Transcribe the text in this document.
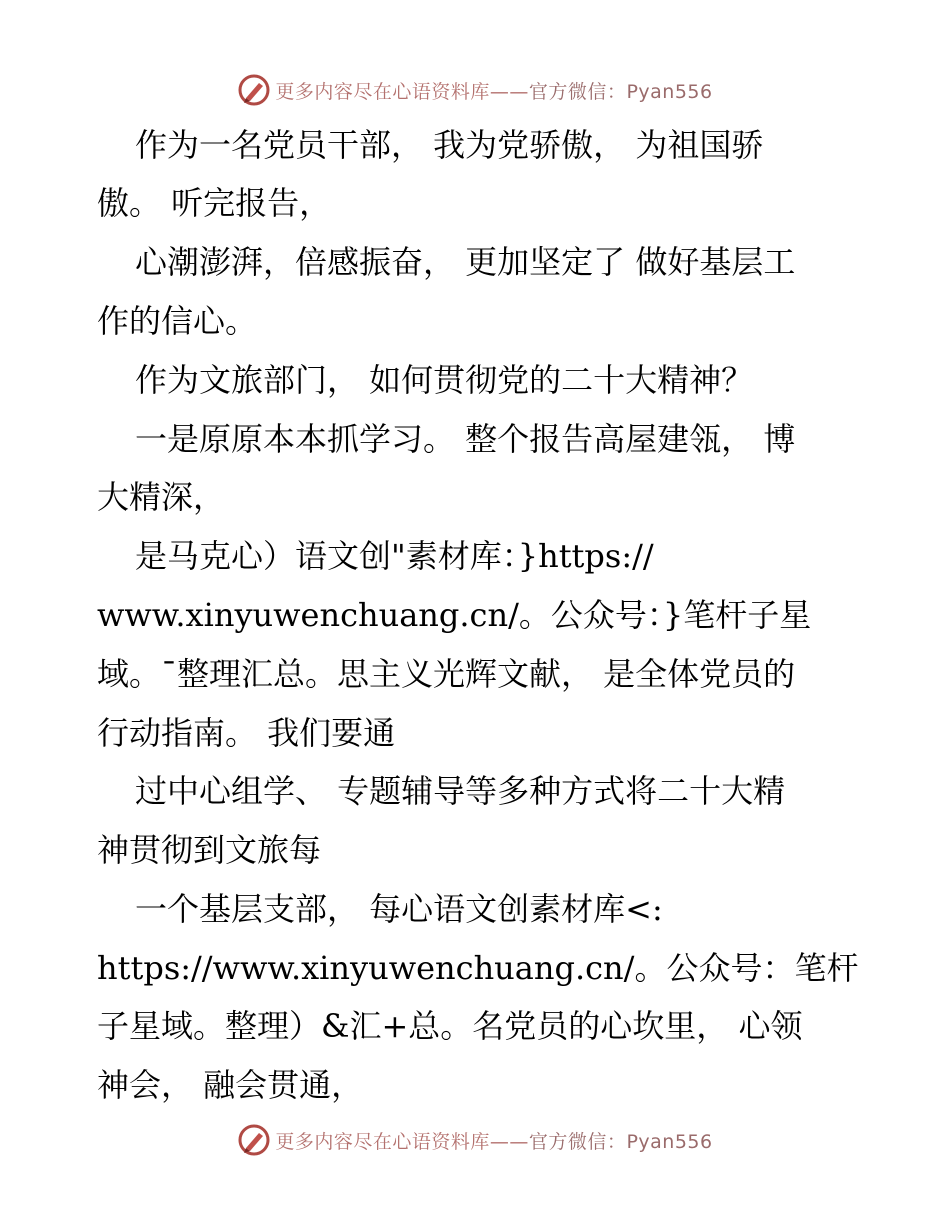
更多内容尽在心语资料库——官方微信：Pyan556
作为一名党员干部， 我为党骄傲， 为祖国骄
傲。 听完报告，
心潮澎湃，倍感振奋， 更加坚定了 做好基层工
作的信心。
作为文旅部门， 如何贯彻党的二十大精神？
一是原原本本抓学习。 整个报告高屋建瓴， 博
大精深，
是马克心）语文创"素材库：}https://
www.xinyuwenchuang.cn/。公众号：}笔杆子星
域。¯整理汇总。思主义光辉文献， 是全体党员的
行动指南。 我们要通
过中心组学、 专题辅导等多种方式将二十大精
神贯彻到文旅每
一个基层支部， 每心语文创素材库<:
https://www.xinyuwenchuang.cn/。公众号：笔杆
子星域。整理）&汇+总。名党员的心坎里， 心领
神会， 融会贯通，
更多内容尽在心语资料库——官方微信：Pyan556
